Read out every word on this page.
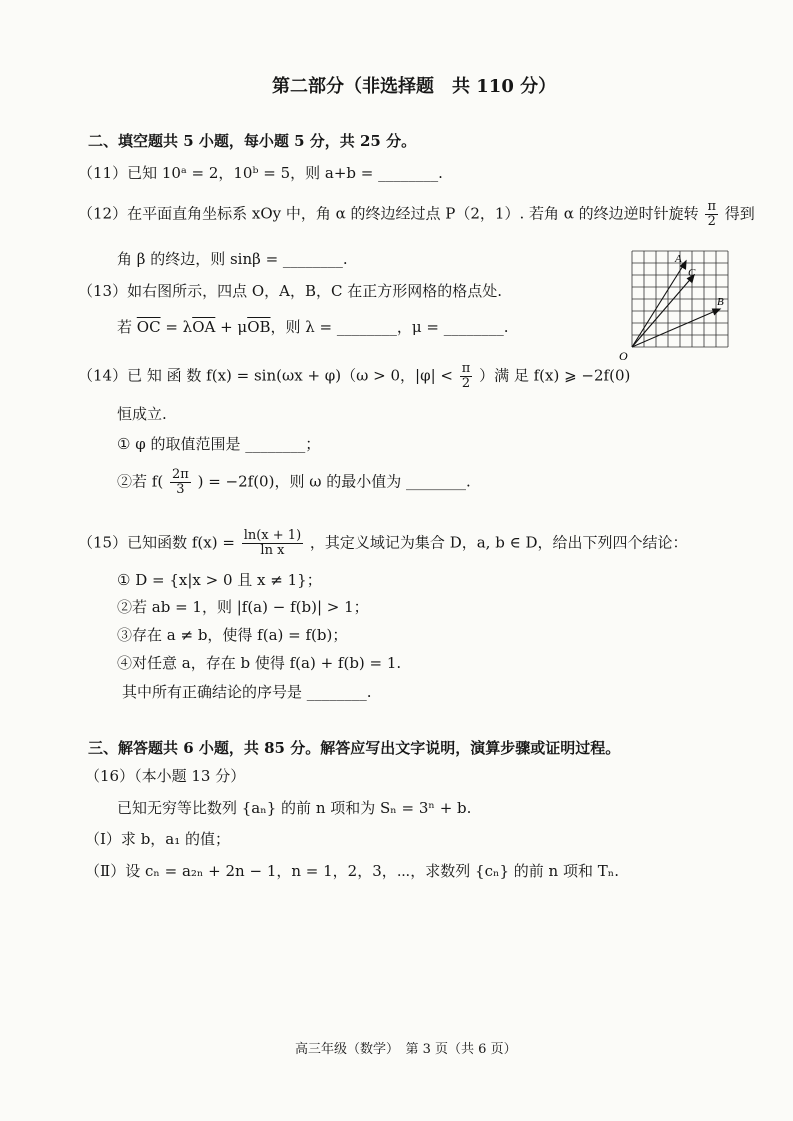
第二部分（非选择题　共 110 分）
二、填空题共 5 小题，每小题 5 分，共 25 分。
（11）已知 10ᵃ = 2，10ᵇ = 5，则 a+b = ________.
（12）在平面直角坐标系 xOy 中，角 α 的终边经过点 P（2，1）. 若角 α 的终边逆时针旋转 $\frac{\pi}{2}$ 得到
角 β 的终边，则 sinβ = ________.
（13）如右图所示，四点 O，A，B，C 在正方形网格的格点处.
若 $\overline{OC} = \lambda\overline{OA} + \mu\overline{OB}$，则 λ = ________，μ = ________.
O
A
C
B
（14）已 知 函 数 f(x) = sin(ωx + φ)（ω > 0，$|\varphi| < \frac{\pi}{2}$ ）满 足 f(x) ⩾ −2f(0)
恒成立.
① φ 的取值范围是 ________；
②若 $f( \frac{2\pi}{3}$ ) = −2f(0)，则 ω 的最小值为 ________.
（15）已知函数 $f(x) = \frac{\ln(x + 1)}{\text{ln x}}$ ，其定义域记为集合 D，a, b ∈ D，给出下列四个结论：
① D = {x|x > 0 且 x ≠ 1}；
②若 ab = 1，则 |f(a) − f(b)| > 1；
③存在 a ≠ b，使得 f(a) = f(b)；
④对任意 a，存在 b 使得 f(a) + f(b) = 1.
其中所有正确结论的序号是 ________.
三、解答题共 6 小题，共 85 分。解答应写出文字说明，演算步骤或证明过程。
（16）（本小题 13 分）
已知无穷等比数列 {aₙ} 的前 n 项和为 Sₙ = 3ⁿ + b.
（Ⅰ）求 b，a₁ 的值；
（Ⅱ）设 cₙ = a₂ₙ + 2n − 1，n = 1，2，3，⋯，求数列 {cₙ} 的前 n 项和 Tₙ.
高三年级（数学）　第 3 页（共 6 页）
